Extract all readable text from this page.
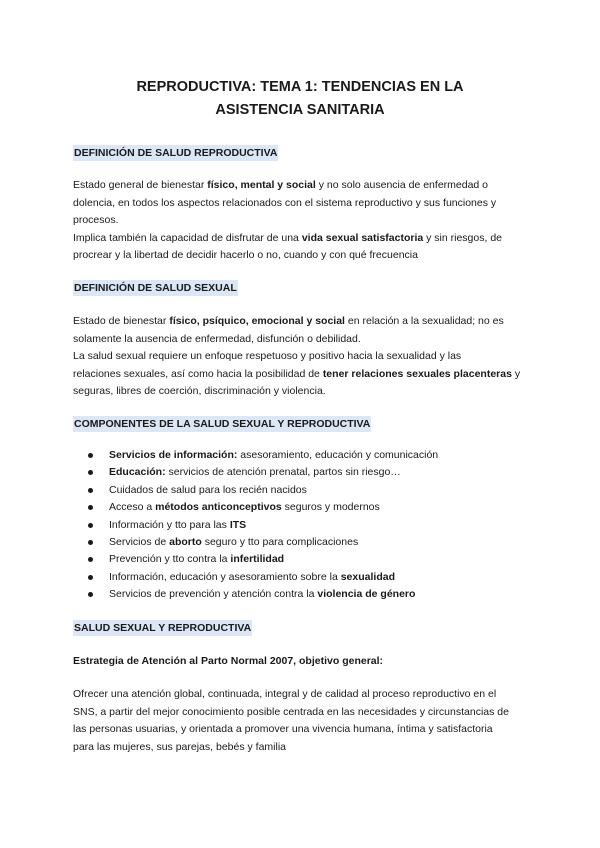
REPRODUCTIVA: TEMA 1: TENDENCIAS EN LA
ASISTENCIA SANITARIA
DEFINICIÓN DE SALUD REPRODUCTIVA
Estado general de bienestar físico, mental y social y no solo ausencia de enfermedad o
dolencia, en todos los aspectos relacionados con el sistema reproductivo y sus funciones y
procesos.
Implica también la capacidad de disfrutar de una vida sexual satisfactoria y sin riesgos, de
procrear y la libertad de decidir hacerlo o no, cuando y con qué frecuencia
DEFINICIÓN DE SALUD SEXUAL
Estado de bienestar físico, psíquico, emocional y social en relación a la sexualidad; no es
solamente la ausencia de enfermedad, disfunción o debilidad.
La salud sexual requiere un enfoque respetuoso y positivo hacia la sexualidad y las
relaciones sexuales, así como hacia la posibilidad de tener relaciones sexuales placenteras y
seguras, libres de coerción, discriminación y violencia.
COMPONENTES DE LA SALUD SEXUAL Y REPRODUCTIVA
Servicios de información: asesoramiento, educación y comunicación
Educación: servicios de atención prenatal, partos sin riesgo…
Cuidados de salud para los recién nacidos
Acceso a métodos anticonceptivos seguros y modernos
Información y tto para las ITS
Servicios de aborto seguro y tto para complicaciones
Prevención y tto contra la infertilidad
Información, educación y asesoramiento sobre la sexualidad
Servicios de prevención y atención contra la violencia de género
SALUD SEXUAL Y REPRODUCTIVA
Estrategia de Atención al Parto Normal 2007, objetivo general:
Ofrecer una atención global, continuada, integral y de calidad al proceso reproductivo en el
SNS, a partir del mejor conocimiento posible centrada en las necesidades y circunstancias de
las personas usuarias, y orientada a promover una vivencia humana, íntima y satisfactoria
para las mujeres, sus parejas, bebés y familia
